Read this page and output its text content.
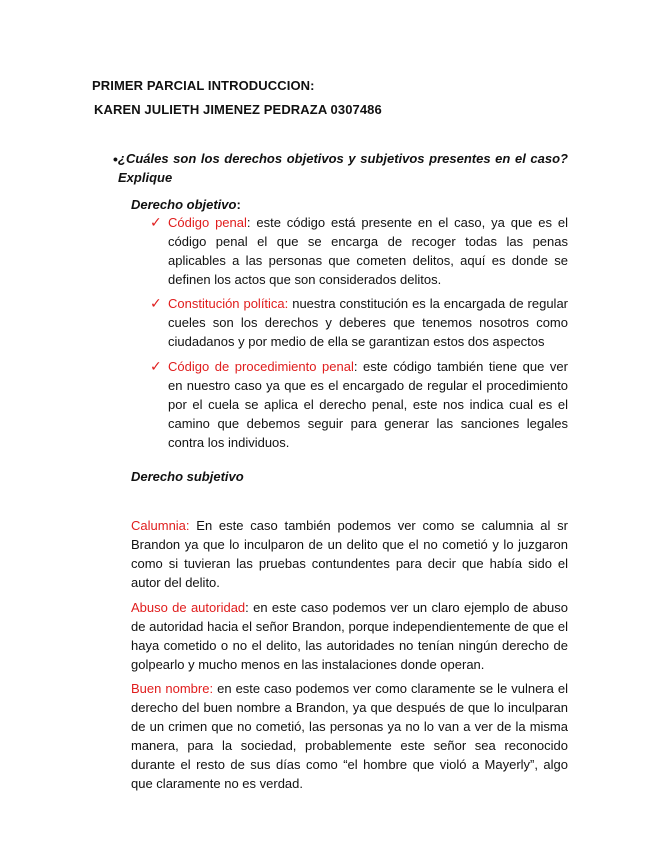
PRIMER PARCIAL INTRODUCCION:
KAREN JULIETH JIMENEZ PEDRAZA 0307486
• ¿Cuáles son los derechos objetivos y subjetivos presentes en el caso? Explique
Derecho objetivo:
✓ Código penal: este código está presente en el caso, ya que es el código penal el que se encarga de recoger todas las penas aplicables a las personas que cometen delitos, aquí es donde se definen los actos que son considerados delitos.
✓ Constitución política: nuestra constitución es la encargada de regular cueles son los derechos y deberes que tenemos nosotros como ciudadanos y por medio de ella se garantizan estos dos aspectos
✓ Código de procedimiento penal: este código también tiene que ver en nuestro caso ya que es el encargado de regular el procedimiento por el cuela se aplica el derecho penal, este nos indica cual es el camino que debemos seguir para generar las sanciones legales contra los individuos.
Derecho subjetivo
Calumnia: En este caso también podemos ver como se calumnia al sr Brandon ya que lo inculparon de un delito que el no cometió y lo juzgaron como si tuvieran las pruebas contundentes para decir que había sido el autor del delito.
Abuso de autoridad: en este caso podemos ver un claro ejemplo de abuso de autoridad hacia el señor Brandon, porque independientemente de que el haya cometido o no el delito, las autoridades no tenían ningún derecho de golpearlo y mucho menos en las instalaciones donde operan.
Buen nombre: en este caso podemos ver como claramente se le vulnera el derecho del buen nombre a Brandon, ya que después de que lo inculparan de un crimen que no cometió, las personas ya no lo van a ver de la misma manera, para la sociedad, probablemente este señor sea reconocido durante el resto de sus días como “el hombre que violó a Mayerly”, algo que claramente no es verdad.
